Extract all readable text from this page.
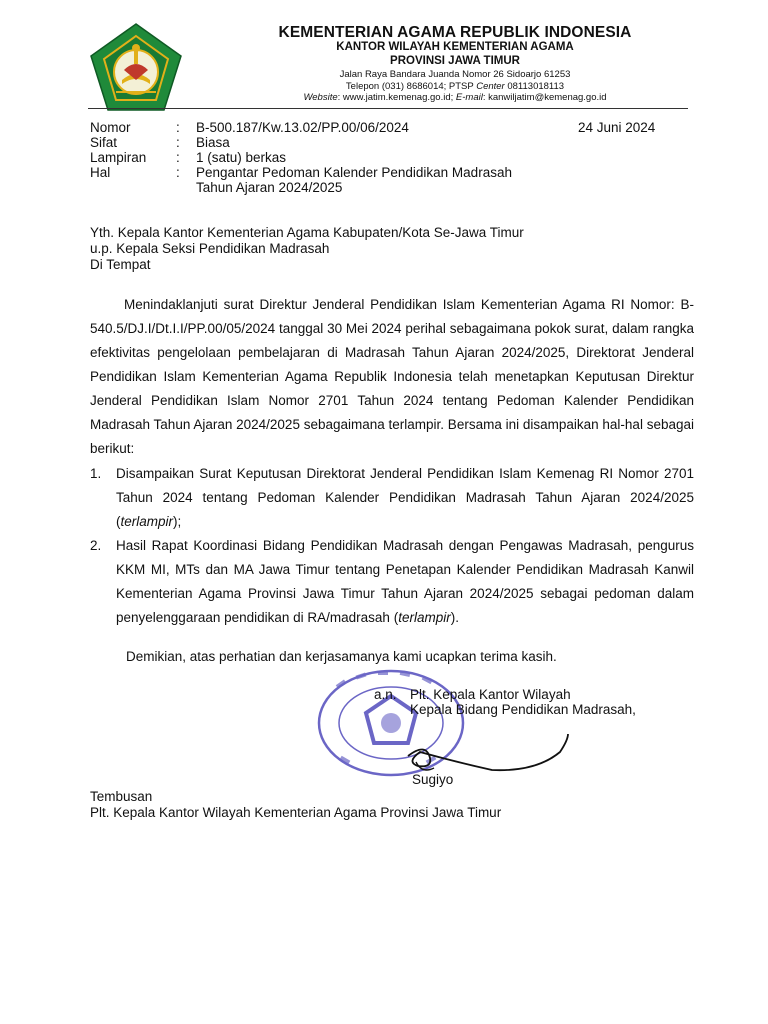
KEMENTERIAN AGAMA REPUBLIK INDONESIA
KANTOR WILAYAH KEMENTERIAN AGAMA
PROVINSI JAWA TIMUR
Jalan Raya Bandara Juanda Nomor 26 Sidoarjo 61253
Telepon (031) 8686014; PTSP Center 08113018113
Website: www.jatim.kemenag.go.id; E-mail: kanwiljatim@kemenag.go.id
Nomor	:	B-500.187/Kw.13.02/PP.00/06/2024
Sifat	:	Biasa
Lampiran	:	1 (satu) berkas
Hal	:	Pengantar Pedoman Kalender Pendidikan Madrasah
Tahun Ajaran 2024/2025
24 Juni 2024
Yth. Kepala Kantor Kementerian Agama Kabupaten/Kota Se-Jawa Timur
u.p. Kepala Seksi Pendidikan Madrasah
Di Tempat
Menindaklanjuti surat Direktur Jenderal Pendidikan Islam Kementerian Agama RI Nomor: B-540.5/DJ.I/Dt.I.I/PP.00/05/2024 tanggal 30 Mei 2024 perihal sebagaimana pokok surat, dalam rangka efektivitas pengelolaan pembelajaran di Madrasah Tahun Ajaran 2024/2025, Direktorat Jenderal Pendidikan Islam Kementerian Agama Republik Indonesia telah menetapkan Keputusan Direktur Jenderal Pendidikan Islam Nomor 2701 Tahun 2024 tentang Pedoman Kalender Pendidikan Madrasah Tahun Ajaran 2024/2025 sebagaimana terlampir. Bersama ini disampaikan hal-hal sebagai berikut:
1.	Disampaikan Surat Keputusan Direktorat Jenderal Pendidikan Islam Kemenag RI Nomor 2701 Tahun 2024 tentang Pedoman Kalender Pendidikan Madrasah Tahun Ajaran 2024/2025 (terlampir);
2.	Hasil Rapat Koordinasi Bidang Pendidikan Madrasah dengan Pengawas Madrasah, pengurus KKM MI, MTs dan MA Jawa Timur tentang Penetapan Kalender Pendidikan Madrasah Kanwil Kementerian Agama Provinsi Jawa Timur Tahun Ajaran 2024/2025 sebagai pedoman dalam penyelenggaraan pendidikan di RA/madrasah (terlampir).
Demikian, atas perhatian dan kerjasamanya kami ucapkan terima kasih.
a.n. Plt. Kepala Kantor Wilayah
Kepala Bidang Pendidikan Madrasah,
Sugiyo
Tembusan
Plt. Kepala Kantor Wilayah Kementerian Agama Provinsi Jawa Timur
